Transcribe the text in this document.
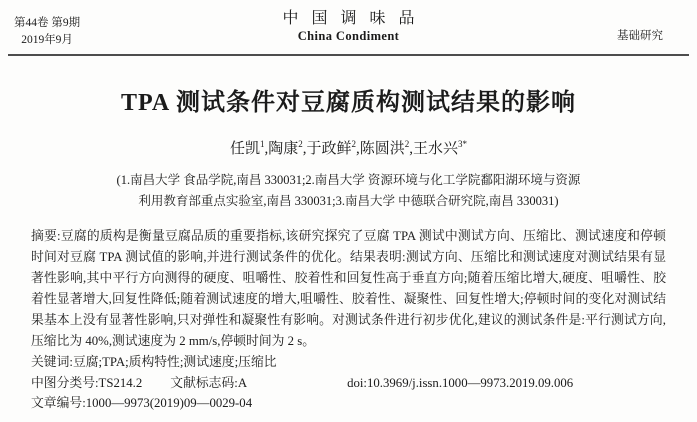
第44卷 第9期
2019年9月
中国调味品
China Condiment	基础研究
TPA 测试条件对豆腐质构测试结果的影响
任凯$^1$,陶康$^2$,于政鲜$^2$,陈圆洪$^2$,王水兴$^{3*}$
(1.南昌大学 食品学院,南昌 330031;2.南昌大学 资源环境与化工学院鄱阳湖环境与资源
利用教育部重点实验室,南昌 330031;3.南昌大学 中德联合研究院,南昌 330031)
摘要:豆腐的质构是衡量豆腐品质的重要指标,该研究探究了豆腐 TPA 测试中测试方向、压缩比、测试速度和停顿时间对豆腐 TPA 测试值的影响,并进行测试条件的优化。结果表明:测试方向、压缩比和测试速度对测试结果有显著性影响,其中平行方向测得的硬度、咀嚼性、胶着性和回复性高于垂直方向;随着压缩比增大,硬度、咀嚼性、胶着性显著增大,回复性降低;随着测试速度的增大,咀嚼性、胶着性、凝聚性、回复性增大;停顿时间的变化对测试结果基本上没有显著性影响,只对弹性和凝聚性有影响。对测试条件进行初步优化,建议的测试条件是:平行测试方向,压缩比为 40%,测试速度为 2 mm/s,停顿时间为 2 s。
关键词:豆腐;TPA;质构特性;测试速度;压缩比
中图分类号:TS214.2 文献标志码:A	doi:10.3969/j.issn.1000—9973.2019.09.006
文章编号:1000—9973(2019)09—0029-04
